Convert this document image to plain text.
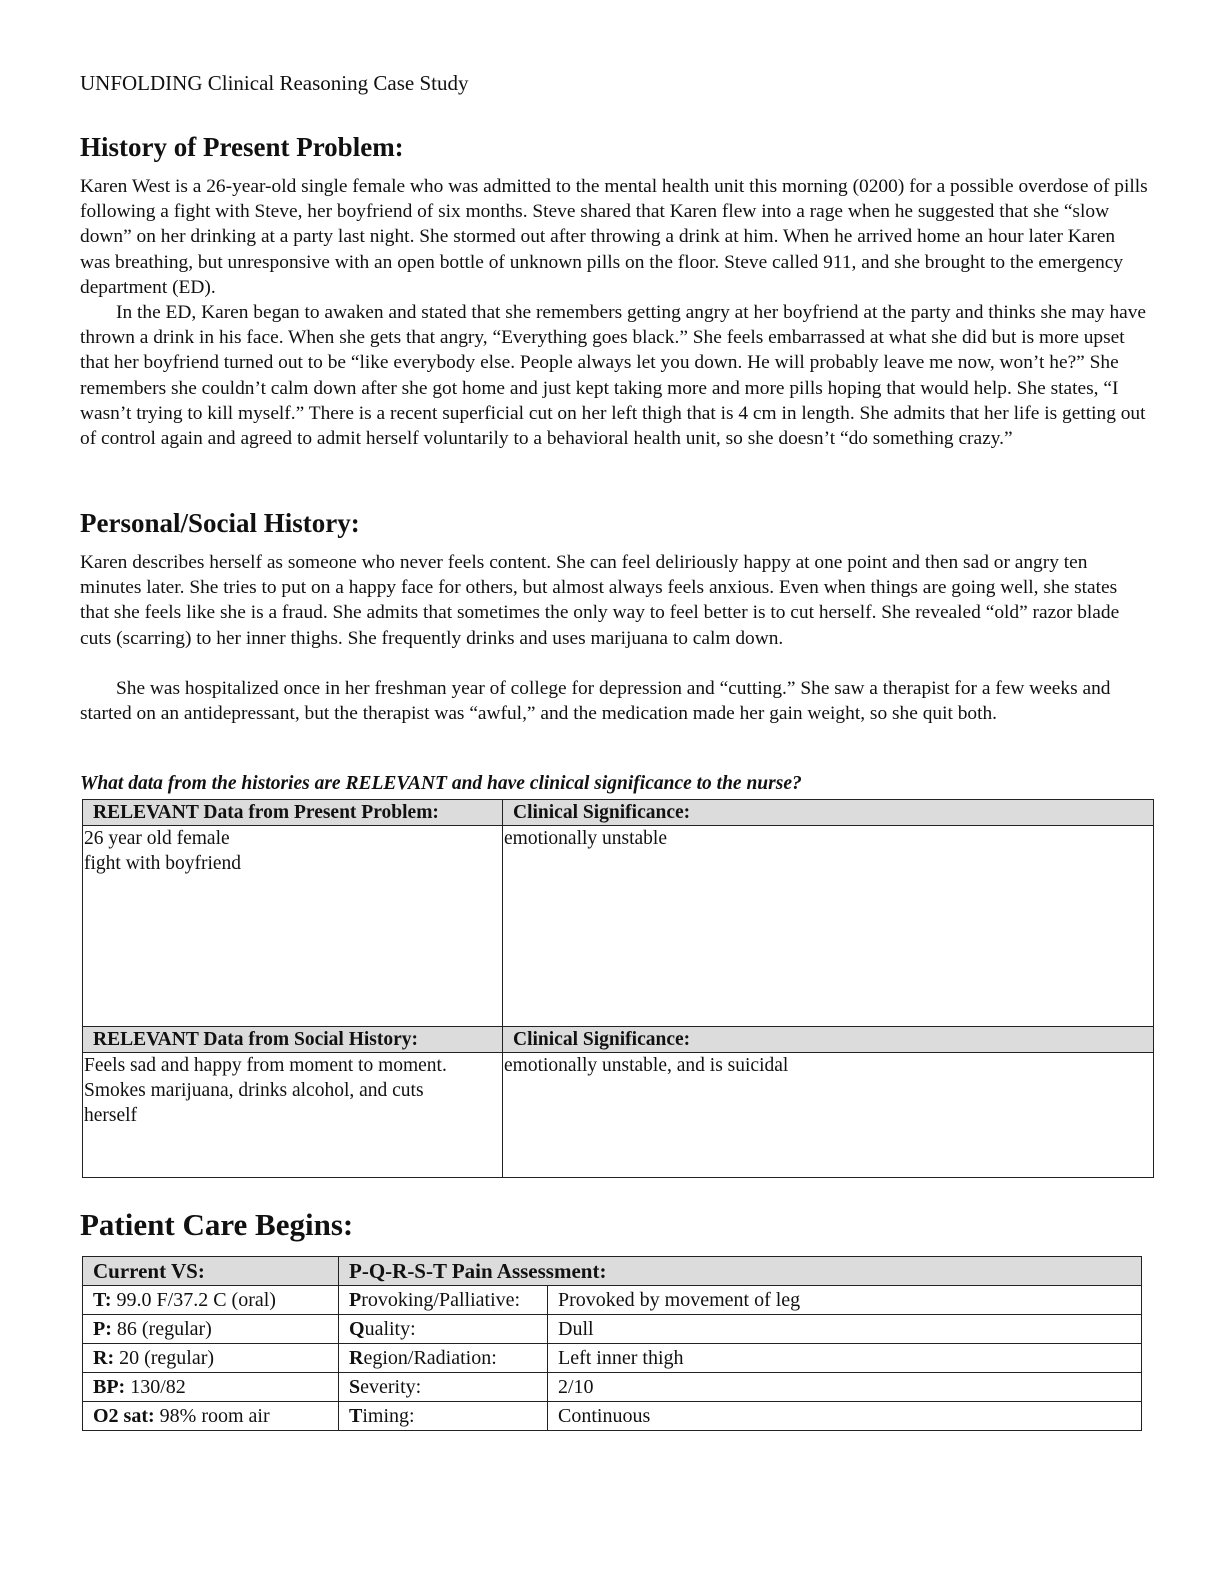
UNFOLDING Clinical Reasoning Case Study
History of Present Problem:

Karen West is a 26-year-old single female who was admitted to the mental health unit this morning (0200) for a possible overdose of pills following a fight with Steve, her boyfriend of six months. Steve shared that Karen flew into a rage when he suggested that she “slow down” on her drinking at a party last night. She stormed out after throwing a drink at him. When he arrived home an hour later Karen was breathing, but unresponsive with an open bottle of unknown pills on the floor. Steve called 911, and she brought to the emergency department (ED).

In the ED, Karen began to awaken and stated that she remembers getting angry at her boyfriend at the party and thinks she may have thrown a drink in his face. When she gets that angry, “Everything goes black.” She feels embarrassed at what she did but is more upset that her boyfriend turned out to be “like everybody else. People always let you down. He will probably leave me now, won’t he?” She remembers she couldn’t calm down after she got home and just kept taking more and more pills hoping that would help. She states, “I wasn’t trying to kill myself.” There is a recent superficial cut on her left thigh that is 4 cm in length. She admits that her life is getting out of control again and agreed to admit herself voluntarily to a behavioral health unit, so she doesn’t “do something crazy.”

Personal/Social History:

Karen describes herself as someone who never feels content. She can feel deliriously happy at one point and then sad or angry ten minutes later. She tries to put on a happy face for others, but almost always feels anxious. Even when things are going well, she states that she feels like she is a fraud. She admits that sometimes the only way to feel better is to cut herself. She revealed “old” razor blade cuts (scarring) to her inner thighs. She frequently drinks and uses marijuana to calm down.

She was hospitalized once in her freshman year of college for depression and “cutting.” She saw a therapist for a few weeks and started on an antidepressant, but the therapist was “awful,” and the medication made her gain weight, so she quit both.

What data from the histories are RELEVANT and have clinical significance to the nurse?
RELEVANT Data from Present Problem:	Clinical Significance:

26 year old female
fight with boyfriend	emotionally unstable
RELEVANT Data from Social History:	Clinical Significance:

Feels sad and happy from moment to moment.
Smokes marijuana, drinks alcohol, and cuts
herself	emotionally unstable, and is suicidal
Patient Care Begins:
Current VS:	P-Q-R-S-T Pain Assessment:	
T: 99.0 F/37.2 C (oral)	Provoking/Palliative:	Provoked by movement of leg
P: 86 (regular)	Quality:	Dull
R: 20 (regular)	Region/Radiation:	Left inner thigh
BP: 130/82	Severity:	2/10
O2 sat: 98% room air	Timing:	Continuous
